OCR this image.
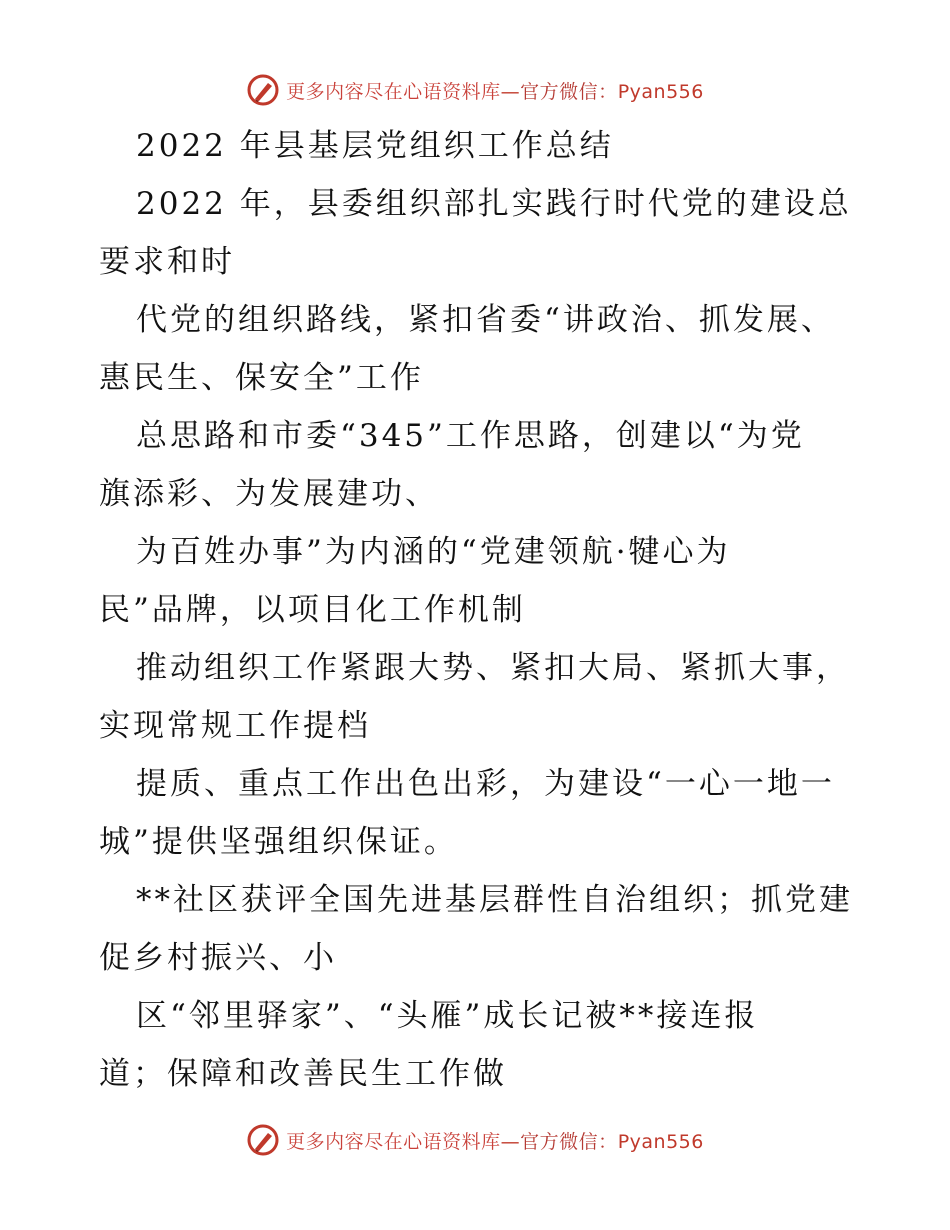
更多内容尽在心语资料库—官方微信：Pyan556
2022 年县基层党组织工作总结
2022 年，县委组织部扎实践行时代党的建设总
要求和时
代党的组织路线，紧扣省委“讲政治、抓发展、
惠民生、保安全”工作
总思路和市委“345”工作思路，创建以“为党
旗添彩、为发展建功、
为百姓办事”为内涵的“党建领航·犍心为
民”品牌，以项目化工作机制
推动组织工作紧跟大势、紧扣大局、紧抓大事，
实现常规工作提档
提质、重点工作出色出彩，为建设“一心一地一
城”提供坚强组织保证。
**社区获评全国先进基层群性自治组织；抓党建
促乡村振兴、小
区“邻里驿家”、“头雁”成长记被**接连报
道；保障和改善民生工作做
更多内容尽在心语资料库—官方微信：Pyan556
